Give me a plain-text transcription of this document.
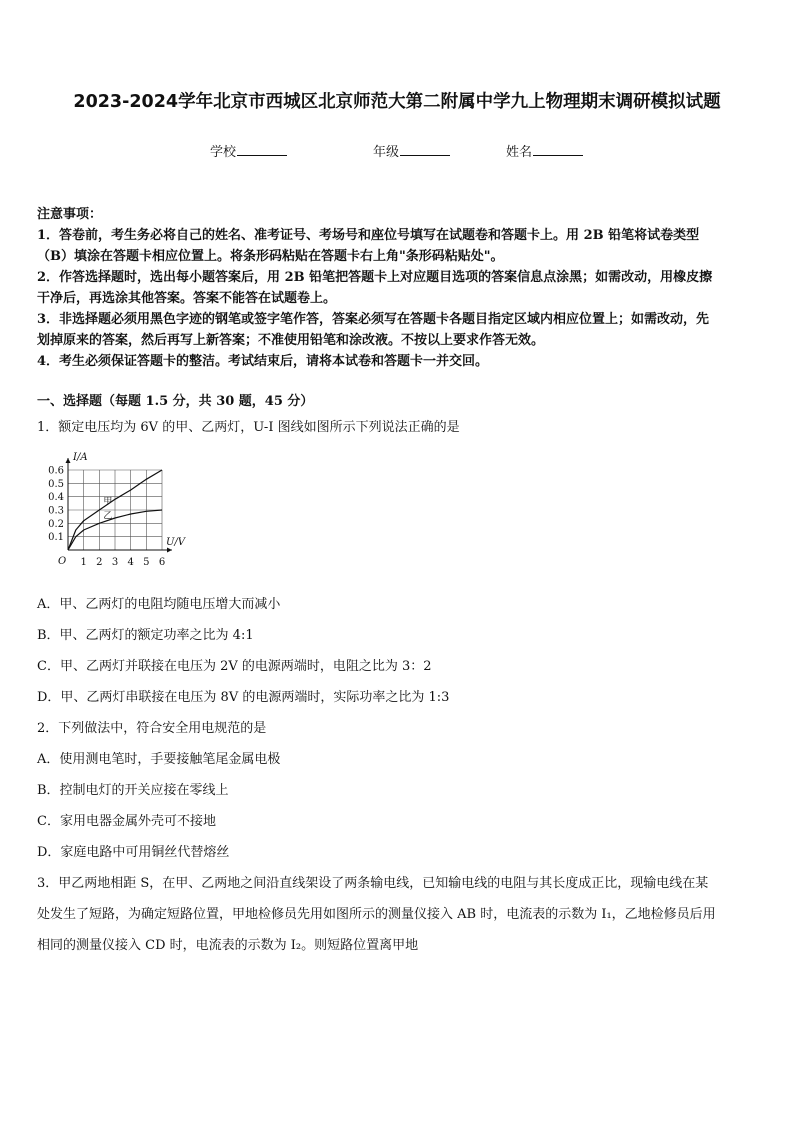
2023-2024学年北京市西城区北京师范大第二附属中学九上物理期末调研模拟试题
学校	年级	姓名
注意事项：
1．答卷前，考生务必将自己的姓名、准考证号、考场号和座位号填写在试题卷和答题卡上。用 2B 铅笔将试卷类型
（B）填涂在答题卡相应位置上。将条形码粘贴在答题卡右上角"条形码粘贴处"。
2．作答选择题时，选出每小题答案后，用 2B 铅笔把答题卡上对应题目选项的答案信息点涂黑；如需改动，用橡皮擦
干净后，再选涂其他答案。答案不能答在试题卷上。
3．非选择题必须用黑色字迹的钢笔或签字笔作答，答案必须写在答题卡各题目指定区域内相应位置上；如需改动，先
划掉原来的答案，然后再写上新答案；不准使用铅笔和涂改液。不按以上要求作答无效。
4．考生必须保证答题卡的整洁。考试结束后，请将本试卷和答题卡一并交回。
一、选择题（每题 1.5 分，共 30 题，45 分）
1．额定电压均为 6V 的甲、乙两灯，U-I 图线如图所示下列说法正确的是
1 2 3 4 5 6
0.1
0.2
0.3
0.4
0.5
0.6
O
I/A
U/V
甲
乙
A．甲、乙两灯的电阻均随电压增大而减小
B．甲、乙两灯的额定功率之比为 4:1
C．甲、乙两灯并联接在电压为 2V 的电源两端时，电阻之比为 3：2
D．甲、乙两灯串联接在电压为 8V 的电源两端时，实际功率之比为 1:3
2．下列做法中，符合安全用电规范的是
A．使用测电笔时，手要接触笔尾金属电极
B．控制电灯的开关应接在零线上
C．家用电器金属外壳可不接地
D．家庭电路中可用铜丝代替熔丝
3．甲乙两地相距 S，在甲、乙两地之间沿直线架设了两条输电线，已知输电线的电阻与其长度成正比，现输电线在某
处发生了短路，为确定短路位置，甲地检修员先用如图所示的测量仪接入 AB 时，电流表的示数为 I₁，乙地检修员后用
相同的测量仪接入 CD 时，电流表的示数为 I₂。则短路位置离甲地
